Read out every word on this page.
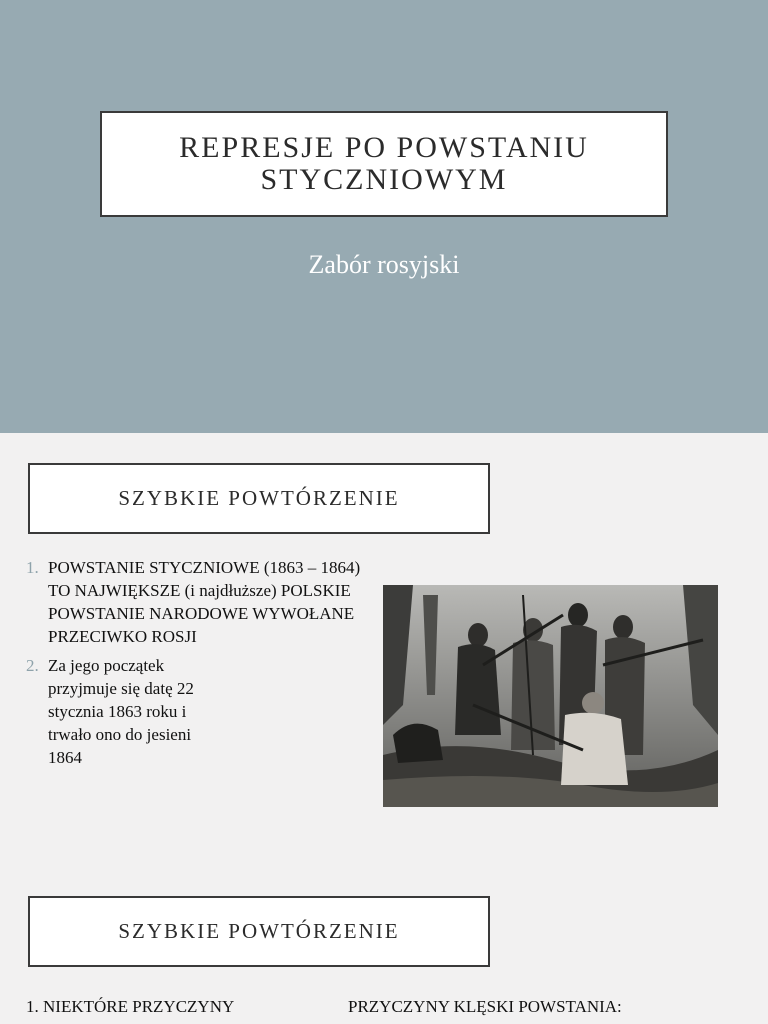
REPRESJE PO POWSTANIU STYCZNIOWYM
Zabór rosyjski
SZYBKIE POWTÓRZENIE
1. POWSTANIE STYCZNIOWE (1863 – 1864) TO NAJWIĘKSZE (i najdłuższe) POLSKIE POWSTANIE NARODOWE WYWOŁANE PRZECIWKO ROSJI
2. Za jego początek przyjmuje się datę 22 stycznia 1863 roku i trwało ono do jesieni 1864
SZYBKIE POWTÓRZENIE
1. NIEKTÓRE PRZYCZYNY	PRZYCZYNY KLĘSKI POWSTANIA:
